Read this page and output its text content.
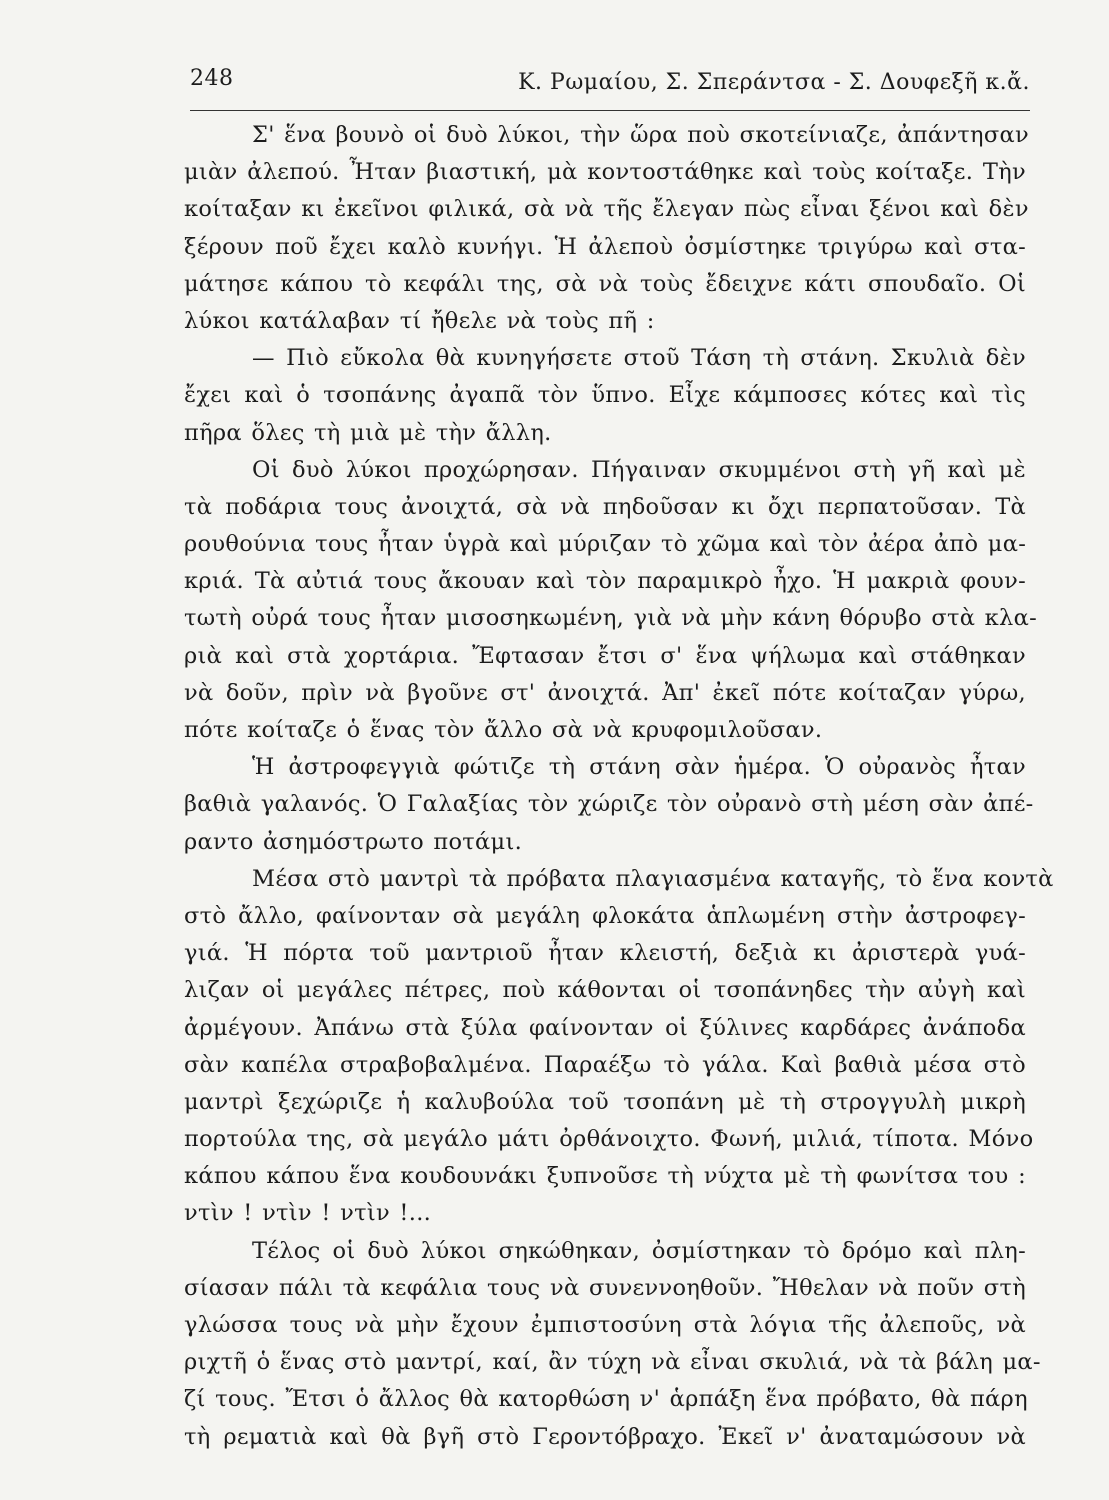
248	Κ. Ρωμαίου, Σ. Σπεράντσα - Σ. Δουφεξῆ κ.ἄ.
Σ' ἕνα βουνὸ οἱ δυὸ λύκοι, τὴν ὥρα ποὺ σκοτείνιαζε, ἀπάντησαν
μιὰν ἀλεπού. Ἦταν βιαστική, μὰ κοντοστάθηκε καὶ τοὺς κοίταξε. Τὴν
κοίταξαν κι ἐκεῖνοι φιλικά, σὰ νὰ τῆς ἔλεγαν πὼς εἶναι ξένοι καὶ δὲν
ξέρουν ποῦ ἔχει καλὸ κυνήγι. Ἡ ἀλεποὺ ὀσμίστηκε τριγύρω καὶ στα-
μάτησε κάπου τὸ κεφάλι της, σὰ νὰ τοὺς ἔδειχνε κάτι σπουδαῖο. Οἱ
λύκοι κατάλαβαν τί ἤθελε νὰ τοὺς πῆ :
— Πιὸ εὔκολα θὰ κυνηγήσετε στοῦ Τάση τὴ στάνη. Σκυλιὰ δὲν
ἔχει καὶ ὁ τσοπάνης ἀγαπᾶ τὸν ὕπνο. Εἶχε κάμποσες κότες καὶ τὶς
πῆρα ὅλες τὴ μιὰ μὲ τὴν ἄλλη.
Οἱ δυὸ λύκοι προχώρησαν. Πήγαιναν σκυμμένοι στὴ γῆ καὶ μὲ
τὰ ποδάρια τους ἀνοιχτά, σὰ νὰ πηδοῦσαν κι ὄχι περπατοῦσαν. Τὰ
ρουθούνια τους ἦταν ὑγρὰ καὶ μύριζαν τὸ χῶμα καὶ τὸν ἀέρα ἀπὸ μα-
κριά. Τὰ αὐτιά τους ἄκουαν καὶ τὸν παραμικρὸ ἦχο. Ἡ μακριὰ φουν-
τωτὴ οὐρά τους ἦταν μισοσηκωμένη, γιὰ νὰ μὴν κάνη θόρυβο στὰ κλα-
ριὰ καὶ στὰ χορτάρια. Ἔφτασαν ἔτσι σ' ἕνα ψήλωμα καὶ στάθηκαν
νὰ δοῦν, πρὶν νὰ βγοῦνε στ' ἀνοιχτά. Ἀπ' ἐκεῖ πότε κοίταζαν γύρω,
πότε κοίταζε ὁ ἕνας τὸν ἄλλο σὰ νὰ κρυφομιλοῦσαν.
Ἡ ἀστροφεγγιὰ φώτιζε τὴ στάνη σὰν ἡμέρα. Ὁ οὐρανὸς ἦταν
βαθιὰ γαλανός. Ὁ Γαλαξίας τὸν χώριζε τὸν οὐρανὸ στὴ μέση σὰν ἀπέ-
ραντο ἀσημόστρωτο ποτάμι.
Μέσα στὸ μαντρὶ τὰ πρόβατα πλαγιασμένα καταγῆς, τὸ ἕνα κοντὰ
στὸ ἄλλο, φαίνονταν σὰ μεγάλη φλοκάτα ἁπλωμένη στὴν ἀστροφεγ-
γιά. Ἡ πόρτα τοῦ μαντριοῦ ἦταν κλειστή, δεξιὰ κι ἀριστερὰ γυά-
λιζαν οἱ μεγάλες πέτρες, ποὺ κάθονται οἱ τσοπάνηδες τὴν αὐγὴ καὶ
ἀρμέγουν. Ἀπάνω στὰ ξύλα φαίνονταν οἱ ξύλινες καρδάρες ἀνάποδα
σὰν καπέλα στραβοβαλμένα. Παραέξω τὸ γάλα. Καὶ βαθιὰ μέσα στὸ
μαντρὶ ξεχώριζε ἡ καλυβούλα τοῦ τσοπάνη μὲ τὴ στρογγυλὴ μικρὴ
πορτούλα της, σὰ μεγάλο μάτι ὀρθάνοιχτο. Φωνή, μιλιά, τίποτα. Μόνο
κάπου κάπου ἕνα κουδουνάκι ξυπνοῦσε τὴ νύχτα μὲ τὴ φωνίτσα του :
ντὶν ! ντὶν ! ντὶν !...
Τέλος οἱ δυὸ λύκοι σηκώθηκαν, ὀσμίστηκαν τὸ δρόμο καὶ πλη-
σίασαν πάλι τὰ κεφάλια τους νὰ συνεννοηθοῦν. Ἤθελαν νὰ ποῦν στὴ
γλώσσα τους νὰ μὴν ἔχουν ἐμπιστοσύνη στὰ λόγια τῆς ἀλεποῦς, νὰ
ριχτῆ ὁ ἕνας στὸ μαντρί, καί, ἂν τύχη νὰ εἶναι σκυλιά, νὰ τὰ βάλη μα-
ζί τους. Ἔτσι ὁ ἄλλος θὰ κατορθώση ν' ἁρπάξη ἕνα πρόβατο, θὰ πάρη
τὴ ρεματιὰ καὶ θὰ βγῆ στὸ Γεροντόβραχο. Ἐκεῖ ν' ἀναταμώσουν νὰ
